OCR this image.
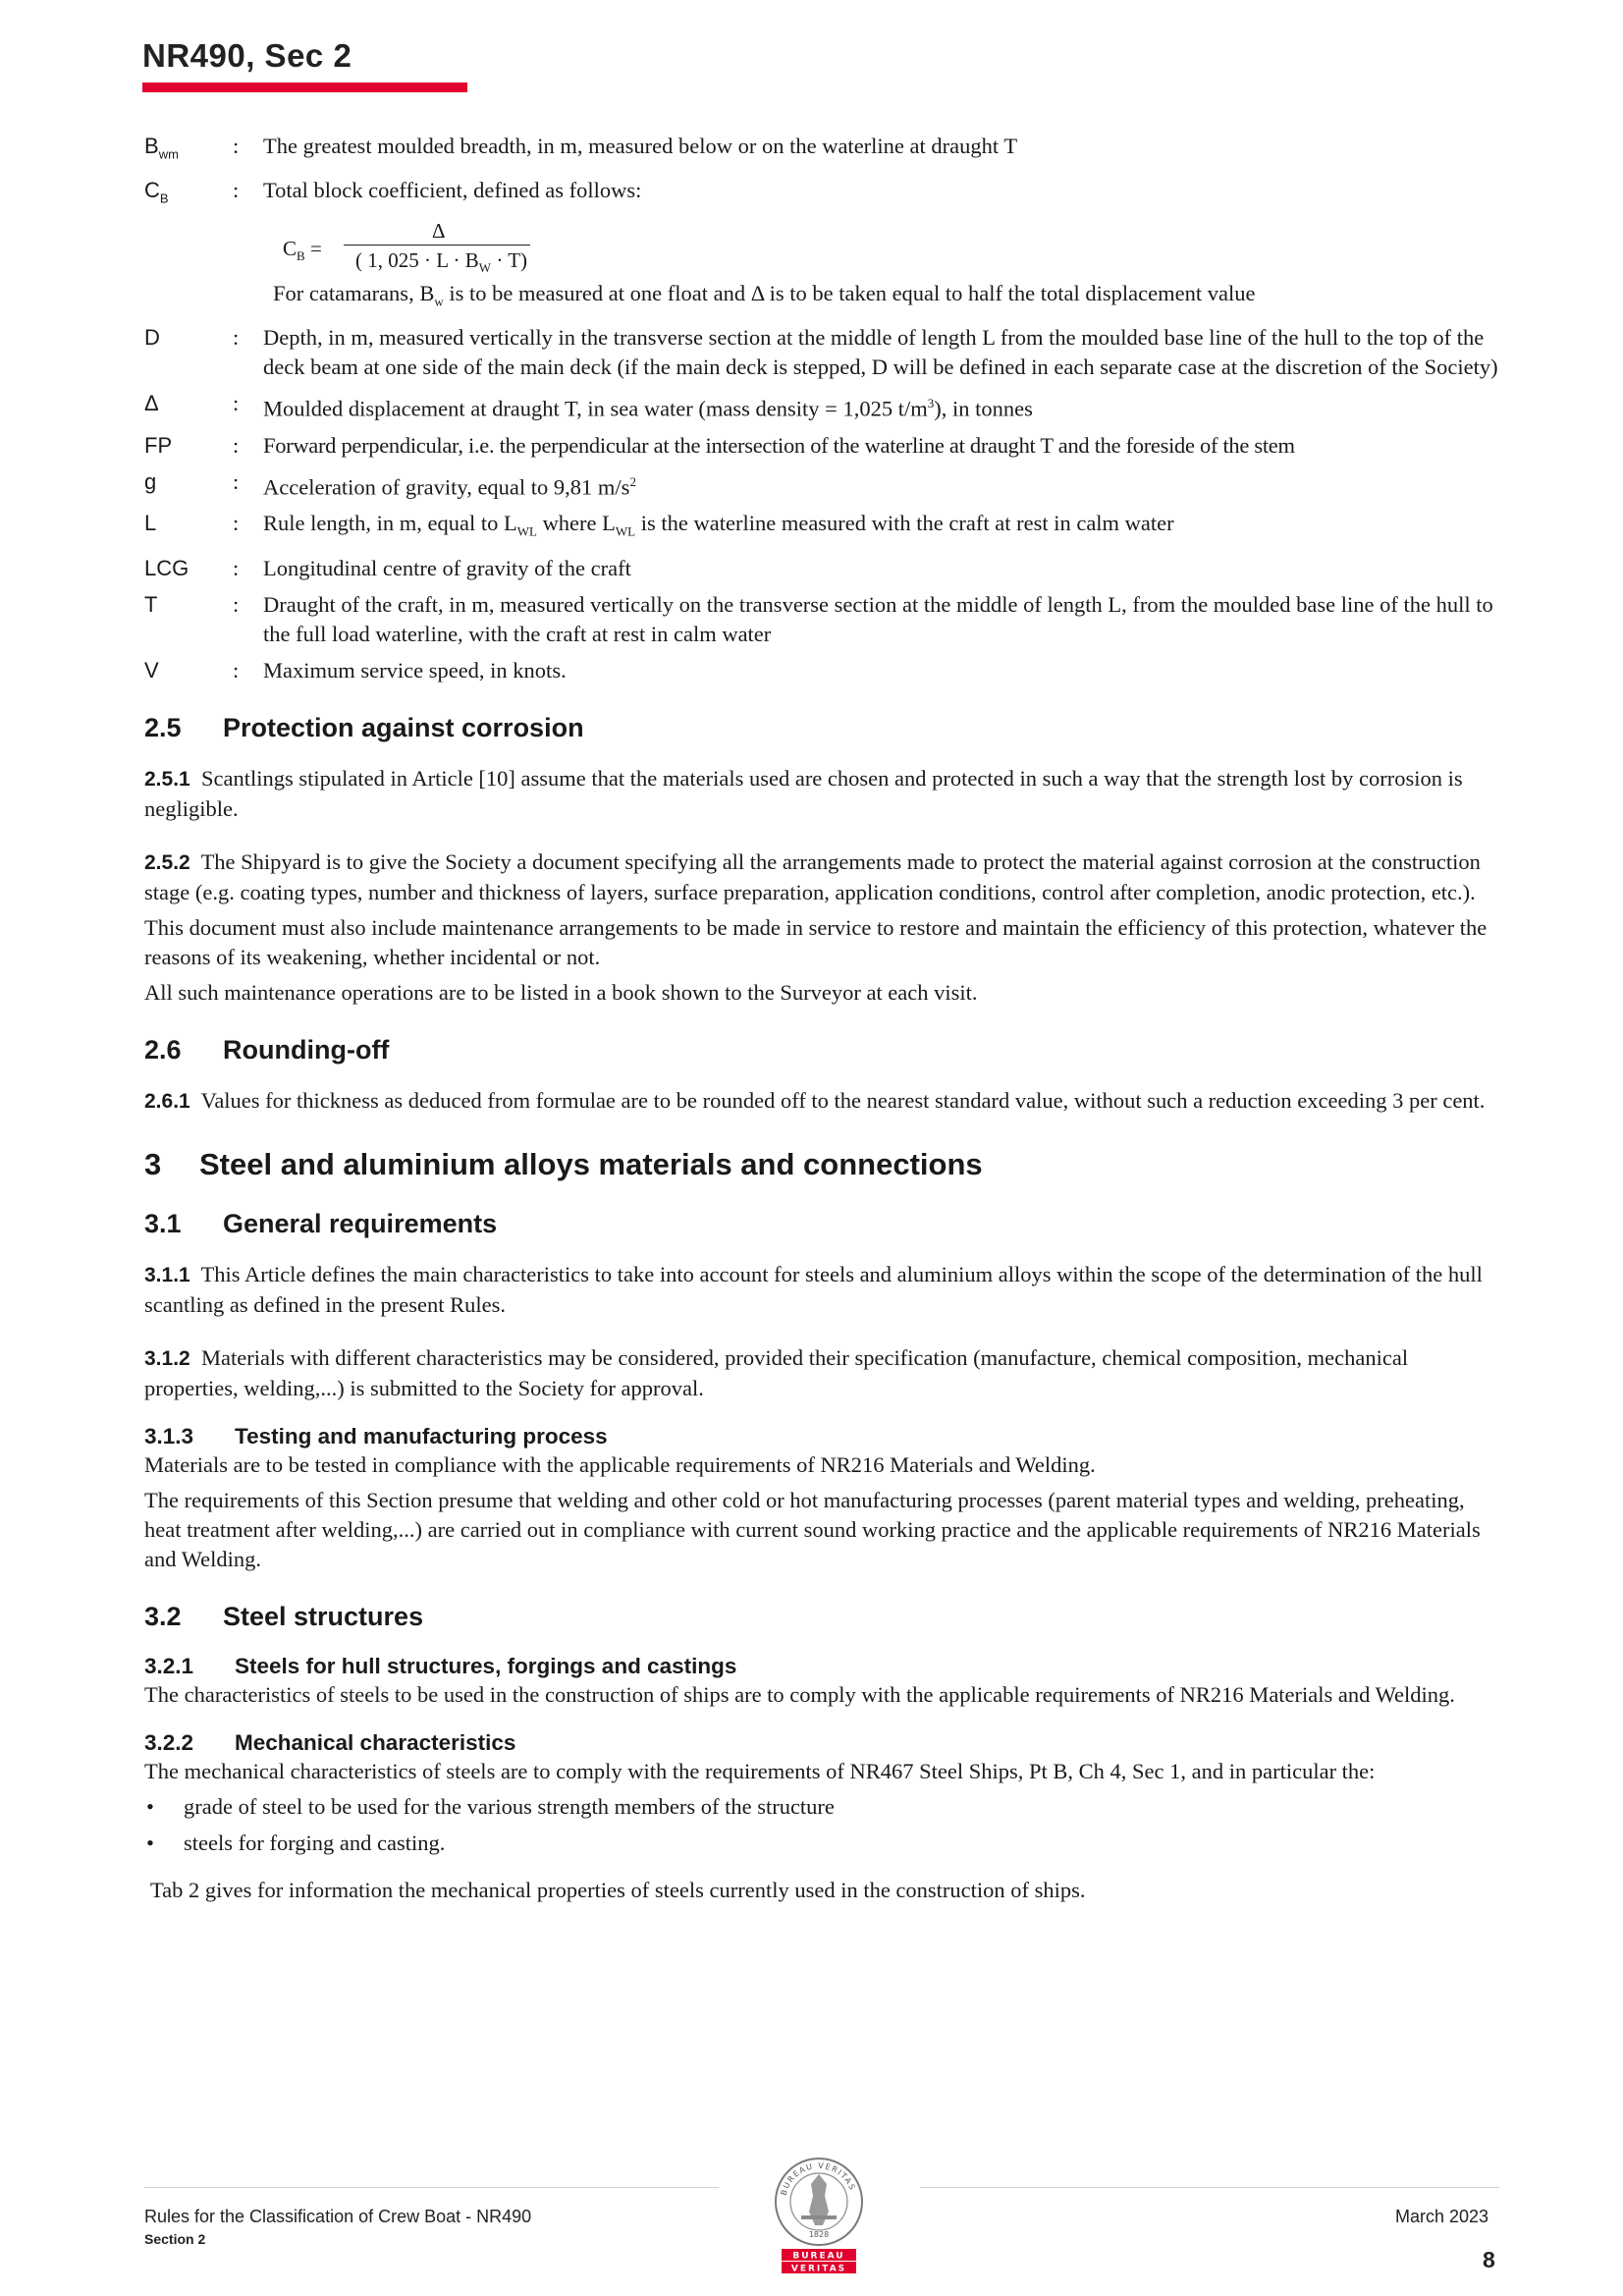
NR490, Sec 2
$B_{wm}$	:	The greatest moulded breadth, in m, measured below or on the waterline at draught T
$C_B$	:	Total block coefficient, defined as follows:
$C_B$ =
Δ
( 1, $025 \cdot L \cdot B_W \cdot T$)

For catamarans, $B_w$ is to be measured at one float and Δ is to be taken equal to half the total displacement value

D	:	Depth, in m, measured vertically in the transverse section at the middle of length L from the moulded base line of the hull to the top of the deck beam at one side of the main deck (if the main deck is stepped, D will be defined in each separate case at the discretion of the Society)
Δ	:	Moulded displacement at draught T, in sea water (mass density = 1,025 $t/m^3$), in tonnes
FP	:	Forward perpendicular, i.e. the perpendicular at the intersection of the waterline at draught T and the foreside of the stem
g	:	Acceleration of gravity, equal to 9,81 $m/s^2$
L	:	Rule length, in m, equal to $L_{WL}$ where $L_{WL}$ is the waterline measured with the craft at rest in calm water
LCG	:	Longitudinal centre of gravity of the craft
T	:	Draught of the craft, in m, measured vertically on the transverse section at the middle of length L, from the moulded base line of the hull to the full load waterline, with the craft at rest in calm water
V	:	Maximum service speed, in knots.
2.5 Protection against corrosion

2.5.1 Scantlings stipulated in Article [10] assume that the materials used are chosen and protected in such a way that the strength lost by corrosion is negligible.

2.5.2 The Shipyard is to give the Society a document specifying all the arrangements made to protect the material against corrosion at the construction stage (e.g. coating types, number and thickness of layers, surface preparation, application conditions, control after completion, anodic protection, etc.).

This document must also include maintenance arrangements to be made in service to restore and maintain the efficiency of this protection, whatever the reasons of its weakening, whether incidental or not.

All such maintenance operations are to be listed in a book shown to the Surveyor at each visit.

2.6 Rounding-off

2.6.1 Values for thickness as deduced from formulae are to be rounded off to the nearest standard value, without such a reduction exceeding 3 per cent.

3 Steel and aluminium alloys materials and connections
3.1 General requirements

3.1.1 This Article defines the main characteristics to take into account for steels and aluminium alloys within the scope of the determination of the hull scantling as defined in the present Rules.

3.1.2 Materials with different characteristics may be considered, provided their specification (manufacture, chemical composition, mechanical properties, welding,...) is submitted to the Society for approval.

3.1.3 Testing and manufacturing process

Materials are to be tested in compliance with the applicable requirements of NR216 Materials and Welding.

The requirements of this Section presume that welding and other cold or hot manufacturing processes (parent material types and welding, preheating, heat treatment after welding,...) are carried out in compliance with current sound working practice and the applicable requirements of NR216 Materials and Welding.

3.2 Steel structures
3.2.1 Steels for hull structures, forgings and castings

The characteristics of steels to be used in the construction of ships are to comply with the applicable requirements of NR216 Materials and Welding.

3.2.2 Mechanical characteristics

The mechanical characteristics of steels are to comply with the requirements of NR467 Steel Ships, Pt B, Ch 4, Sec 1, and in particular the:

• grade of steel to be used for the various strength members of the structure
• steels for forging and casting.

Tab 2 gives for information the mechanical properties of steels currently used in the construction of ships.

Rules for the Classification of Crew Boat - NR490
Section 2
March 2023
8
BUREAU VERITAS
1828
BUREAU
VERITAS
